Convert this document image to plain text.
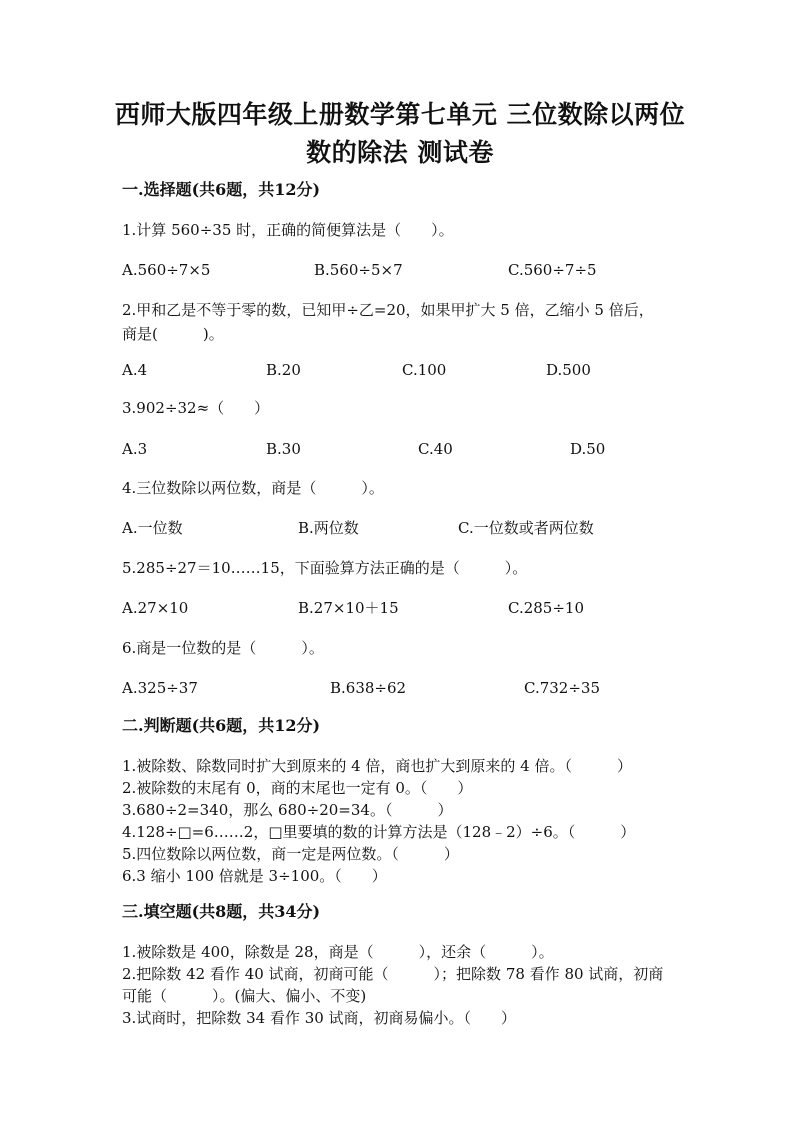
西师大版四年级上册数学第七单元 三位数除以两位
数的除法 测试卷
一.选择题(共6题，共12分)
1.计算 560÷35 时，正确的简便算法是（　　）。
A.560÷7×5	B.560÷5×7	C.560÷7÷5
2.甲和乙是不等于零的数，已知甲÷乙=20，如果甲扩大 5 倍，乙缩小 5 倍后，
商是(　　　)。
A.4	B.20	C.100	D.500
3.902÷32≈（　　）
A.3	B.30	C.40	D.50
4.三位数除以两位数，商是（　　　）。
A.一位数	B.两位数	C.一位数或者两位数
5.285÷27＝10……15，下面验算方法正确的是（　　　）。
A.27×10	B.27×10＋15	C.285÷10
6.商是一位数的是（　　　）。
A.325÷37	B.638÷62	C.732÷35
二.判断题(共6题，共12分)
1.被除数、除数同时扩大到原来的 4 倍，商也扩大到原来的 4 倍。（　　　）
2.被除数的末尾有 0，商的末尾也一定有 0。（　　）
3.680÷2=340，那么 680÷20=34。（　　　）
4.128÷□=6……2，□里要填的数的计算方法是（128﹣2）÷6。（　　　）
5.四位数除以两位数，商一定是两位数。（　　　）
6.3 缩小 100 倍就是 3÷100。（　　）
三.填空题(共8题，共34分)
1.被除数是 400，除数是 28，商是（　　　），还余（　　　）。
2.把除数 42 看作 40 试商，初商可能（　　　）；把除数 78 看作 80 试商，初商
可能（　　　）。(偏大、偏小、不变)
3.试商时，把除数 34 看作 30 试商，初商易偏小。（　　）
